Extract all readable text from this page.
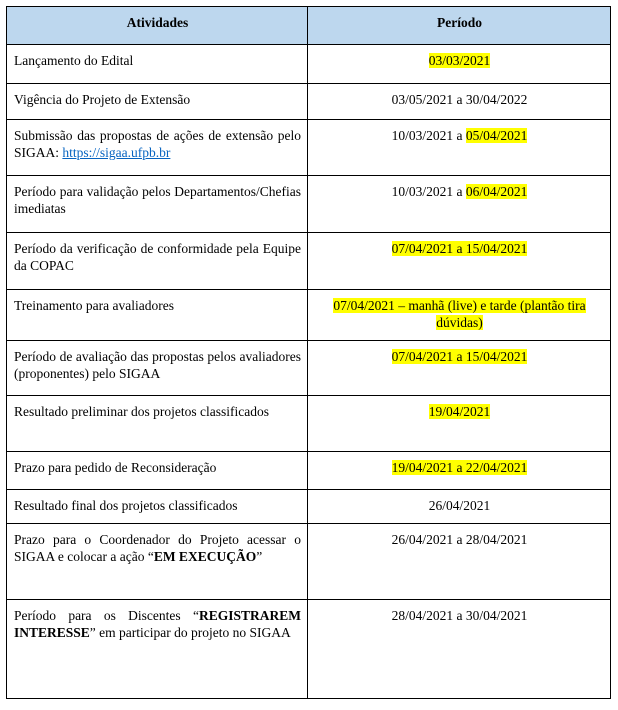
Atividades	Período
Lançamento do Edital	03/03/2021
Vigência do Projeto de Extensão	03/05/2021 a 30/04/2022
Submissão das propostas de ações de extensão pelo SIGAA: https://sigaa.ufpb.br	10/03/2021 a 05/04/2021
Período para validação pelos Departamentos/Chefias imediatas	10/03/2021 a 06/04/2021
Período da verificação de conformidade pela Equipe da COPAC	07/04/2021 a 15/04/2021
Treinamento para avaliadores	07/04/2021 – manhã (live) e tarde (plantão tira dúvidas)
Período de avaliação das propostas pelos avaliadores (proponentes) pelo SIGAA	07/04/2021 a 15/04/2021
Resultado preliminar dos projetos classificados	19/04/2021
Prazo para pedido de Reconsideração	19/04/2021 a 22/04/2021
Resultado final dos projetos classificados	26/04/2021
Prazo para o Coordenador do Projeto acessar o SIGAA e colocar a ação “EM EXECUÇÃO”	26/04/2021 a 28/04/2021
Período para os Discentes “REGISTRAREM INTERESSE” em participar do projeto no SIGAA	28/04/2021 a 30/04/2021
